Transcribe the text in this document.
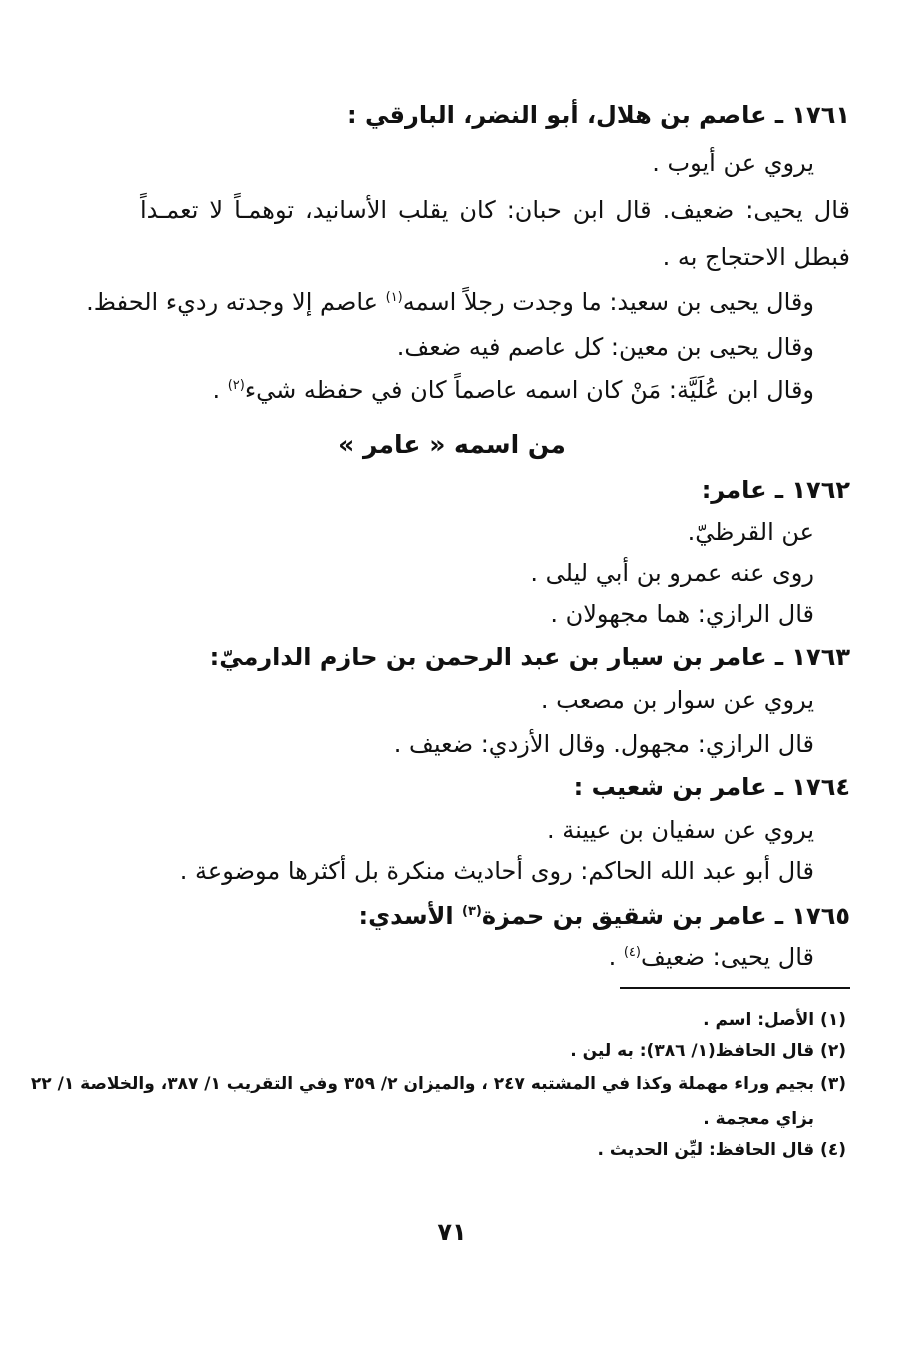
١٧٦١ ـ عاصم بن هلال، أبو النضر، البارقي :
يروي عن أيوب .
قال يحيى: ضعيف. قال ابن حبان: كان يقلب الأسانيد، توهمـاً لا تعمـداً
فبطل الاحتجاج به .
وقال يحيى بن سعيد: ما وجدت رجلاً اسمه$^{(١)}$ عاصم إلا وجدته رديء الحفظ.
وقال يحيى بن معين: كل عاصم فيه ضعف.
وقال ابن عُلَيَّة: مَنْ كان اسمه عاصماً كان في حفظه شيء$^{(٢)}$ .
من اسمه « عامر »
١٧٦٢ ـ عامر:
عن القرظيّ.
روى عنه عمرو بن أبي ليلى .
قال الرازي: هما مجهولان .
١٧٦٣ ـ عامر بن سيار بن عبد الرحمن بن حازم الدارميّ:
يروي عن سوار بن مصعب .
قال الرازي: مجهول. وقال الأزدي: ضعيف .
١٧٦٤ ـ عامر بن شعيب :
يروي عن سفيان بن عيينة .
قال أبو عبد الله الحاكم: روى أحاديث منكرة بل أكثرها موضوعة .
١٧٦٥ ـ عامر بن شقيق بن حمزة$^{(٣)}$ الأسدي:
قال يحيى: ضعيف$^{(٤)}$ .
(١) الأصل: اسم .
(٢) قال الحافظ(١/ ٣٨٦): به لين .
(٣) بجيم وراء مهملة وكذا في المشتبه ٢٤٧ ، والميزان ٢/ ٣٥٩ وفي التقريب ١/ ٣٨٧، والخلاصة ١/ ٢٢
بزاي معجمة .
(٤) قال الحافظ: ليِّن الحديث .
٧١
